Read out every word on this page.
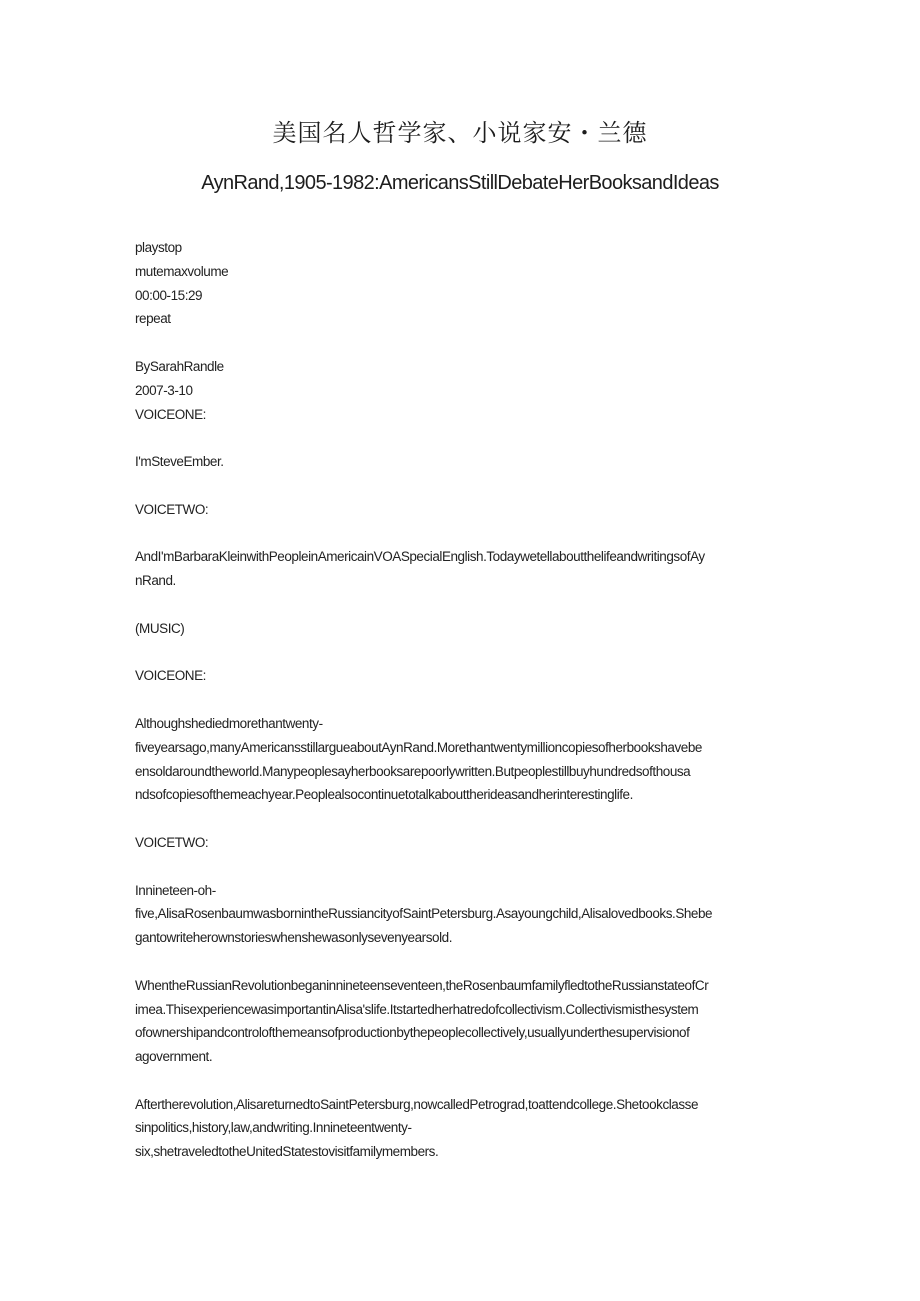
美国名人哲学家、小说家安・兰德
AynRand,1905-1982:AmericansStillDebateHerBooksandIdeas
playstop
mutemaxvolume
00:00-15:29
repeat
BySarahRandle
2007-3-10
VOICEONE:
I'mSteveEmber.
VOICETWO:
AndI'mBarbaraKleinwithPeopleinAmericainVOASpecialEnglish.TodaywetellaboutthelifeandwritingsofAy
nRand.
(MUSIC)
VOICEONE:
Althoughshediedmorethantwenty-
fiveyearsago,manyAmericansstillargueaboutAynRand.Morethantwentymillioncopiesofherbookshavebe
ensoldaroundtheworld.Manypeoplesayherbooksarepoorlywritten.Butpeoplestillbuyhundredsofthousa
ndsofcopiesofthemeachyear.Peoplealsocontinuetotalkabouttherideasandherinterestinglife.
VOICETWO:
Innineteen-oh-
five,AlisaRosenbaumwasbornintheRussiancityofSaintPetersburg.Asayoungchild,Alisalovedbooks.Shebe
gantowriteherownstorieswhenshewasonlysevenyearsold.
WhentheRussianRevolutionbeganinnineteenseventeen,theRosenbaumfamilyfledtotheRussianstateofCr
imea.ThisexperiencewasimportantinAlisa'slife.Itstartedherhatredofcollectivism.Collectivismisthesystem
ofownershipandcontrolofthemeansofproductionbythepeoplecollectively,usuallyunderthesupervisionof
agovernment.
Aftertherevolution,AlisareturnedtoSaintPetersburg,nowcalledPetrograd,toattendcollege.Shetookclasse
sinpolitics,history,law,andwriting.Innineteentwenty-
six,shetraveledtotheUnitedStatestovisitfamilymembers.
